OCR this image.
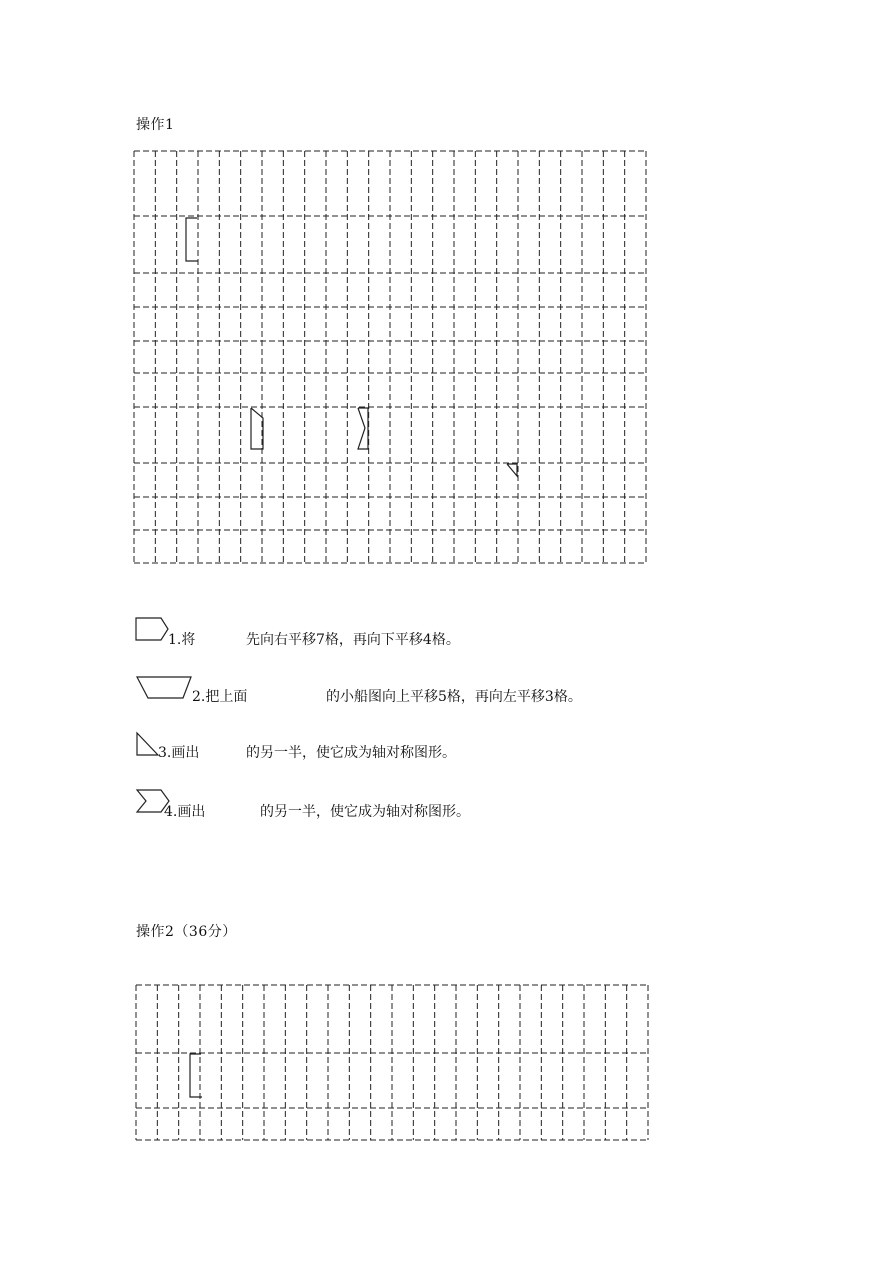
操作1
1.将	先向右平移7格，再向下平移4格。
2.把上面	的小船图向上平移5格，再向左平移3格。
3.画出	的另一半，使它成为轴对称图形。
4.画出	的另一半，使它成为轴对称图形。
操作2（36分）
